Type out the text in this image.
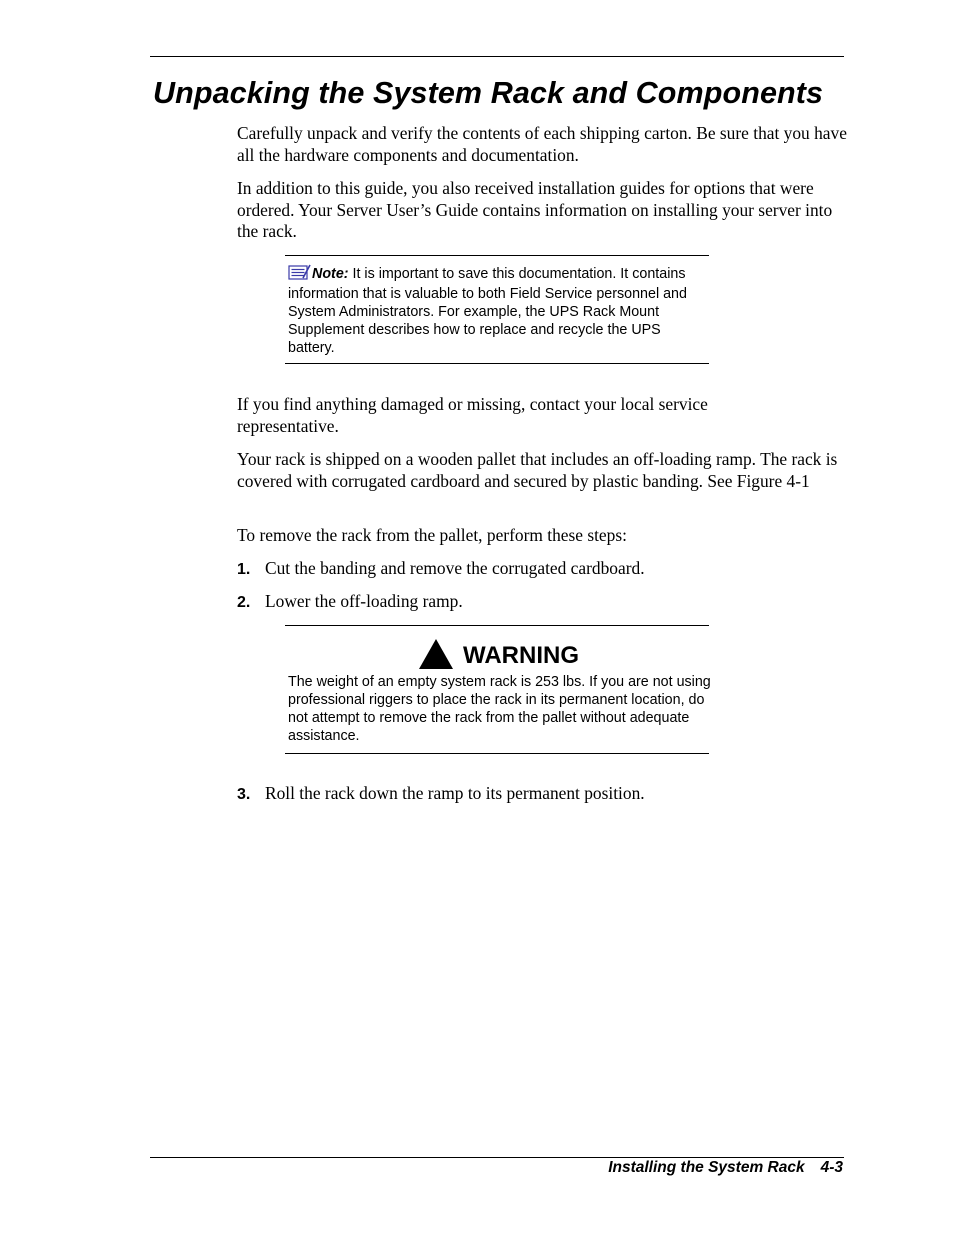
Unpacking the System Rack and Components

Carefully unpack and verify the contents of each shipping carton. Be sure that you have all the hardware components and documentation.

In addition to this guide, you also received installation guides for options that were ordered. Your Server User’s Guide contains information on installing your server into the rack.

Note: It is important to save this documentation. It contains information that is valuable to both Field Service personnel and System Administrators. For example, the UPS Rack Mount Supplement describes how to replace and recycle the UPS battery.

If you find anything damaged or missing, contact your local service representative.

Your rack is shipped on a wooden pallet that includes an off-loading ramp. The rack is covered with corrugated cardboard and secured by plastic banding. See Figure 4-1

To remove the rack from the pallet, perform these steps:

1. Cut the banding and remove the corrugated cardboard.
2. Lower the off-loading ramp.
WARNING

The weight of an empty system rack is 253 lbs. If you are not using professional riggers to place the rack in its permanent location, do not attempt to remove the rack from the pallet without adequate assistance.

3. Roll the rack down the ramp to its permanent position.
Installing the System Rack 4-3
